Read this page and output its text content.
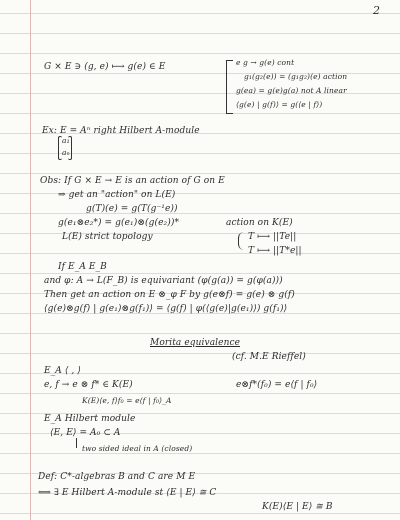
2
G × E ∋ (g, e) ⟼ g(e) ∈ E	e g → g(e) cont
g₁(g₂(e)) = (g₁g₂)(e) action
g(ea) = g(e)g(a) not A linear
⟨g(e) | g(f)⟩ = g(⟨e | f⟩)
Ex: E = Aⁿ right Hilbert A-module
a₁
aₙ
Obs: If G × E → E is an action of G on E
⇒ get an "action" on L(E)
g(T)(e) = g(T(g⁻¹e))
g(e₁⊗e₂*) = g(e₁)⊗(g(e₂))*	action on K(E)
L(E) strict topology	T ⟼ ||Te||
T ⟼ ||T*e||
If E_A E_B
and φ: A → L(F_B) is equivariant (φ(g(a)) = g(φ(a)))
Then get an action on E ⊗_φ F by g(e⊗f) = g(e) ⊗ g(f)
⟨g(e)⊗g(f) | g(e₁)⊗g(f₁)⟩ = ⟨g(f) | φ(⟨g(e)|g(e₁)⟩) g(f₁)⟩
Morita equivalence
(cf. M.E Rieffel)
E_A ⟨ , ⟩
e, f → e ⊗ f* ∈ K(E)	e⊗f*(f₀) = e⟨f | f₀⟩
K(E)⟨e, f⟩f₀ = e⟨f | f₀⟩_A
E_A Hilbert module
⟨E, E⟩ = A₀ ⊂ A
two sided ideal in A (closed)
Def: C*-algebras B and C are M E
⟺ ∃ E Hilbert A-module st ⟨E | E⟩ ≅ C
K(E)⟨E | E⟩ ≅ B
